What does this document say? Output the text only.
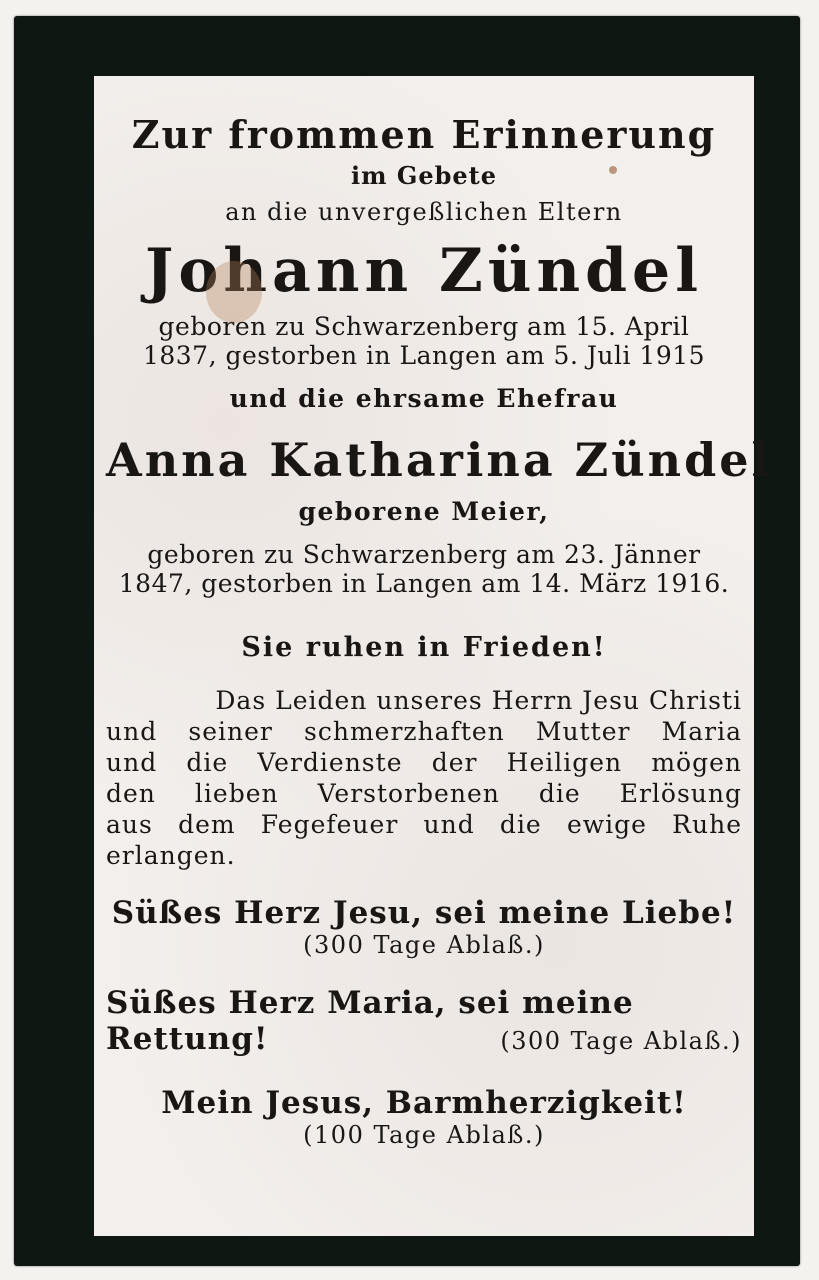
Zur frommen Erinnerung
im Gebete
an die unvergeßlichen Eltern
Johann Zündel
geboren zu Schwarzenberg am 15. April
1837, gestorben in Langen am 5. Juli 1915
und die ehrsame Ehefrau
Anna Katharina Zündel
geborene Meier,
geboren zu Schwarzenberg am 23. Jänner
1847, gestorben in Langen am 14. März 1916.
Sie ruhen in Frieden!
Das Leiden unseres Herrn Jesu Christi
und seiner schmerzhaften Mutter Maria
und die Verdienste der Heiligen mögen
den lieben Verstorbenen die Erlösung
aus dem Fegefeuer und die ewige Ruhe
erlangen.
Süßes Herz Jesu, sei meine Liebe!
(300 Tage Ablaß.)
Süßes Herz Maria, sei meine
Rettung!	(300 Tage Ablaß.)
Mein Jesus, Barmherzigkeit!
(100 Tage Ablaß.)
